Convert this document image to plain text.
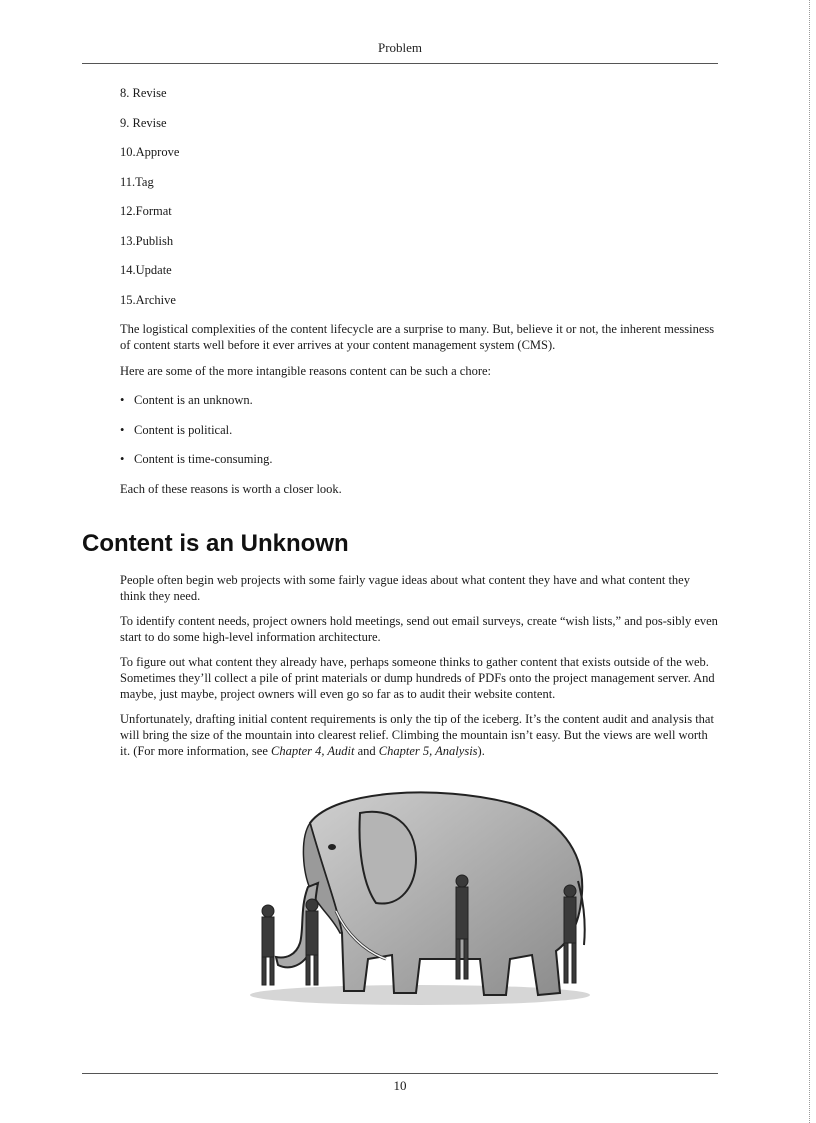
Problem

8. Revise

9. Revise

10.Approve

11.Tag

12.Format

13.Publish

14.Update

15.Archive

The logistical complexities of the content lifecycle are a surprise to many. But, believe it or not, the inherent messiness of content starts well before it ever arrives at your content management system (CMS).

Here are some of the more intangible reasons content can be such a chore:

• Content is an unknown.
• Content is political.
• Content is time-consuming.

Each of these reasons is worth a closer look.

Content is an Unknown

People often begin web projects with some fairly vague ideas about what content they have and what content they think they need.

To identify content needs, project owners hold meetings, send out email surveys, create “wish lists,” and pos-sibly even start to do some high-level information architecture.

To figure out what content they already have, perhaps someone thinks to gather content that exists outside of the web. Sometimes they’ll collect a pile of print materials or dump hundreds of PDFs onto the project management server. And maybe, just maybe, project owners will even go so far as to audit their website content.

Unfortunately, drafting initial content requirements is only the tip of the iceberg. It’s the content audit and analysis that will bring the size of the mountain into clearest relief. Climbing the mountain isn’t easy. But the views are well worth it. (For more information, see Chapter 4, Audit and Chapter 5, Analysis).

10
